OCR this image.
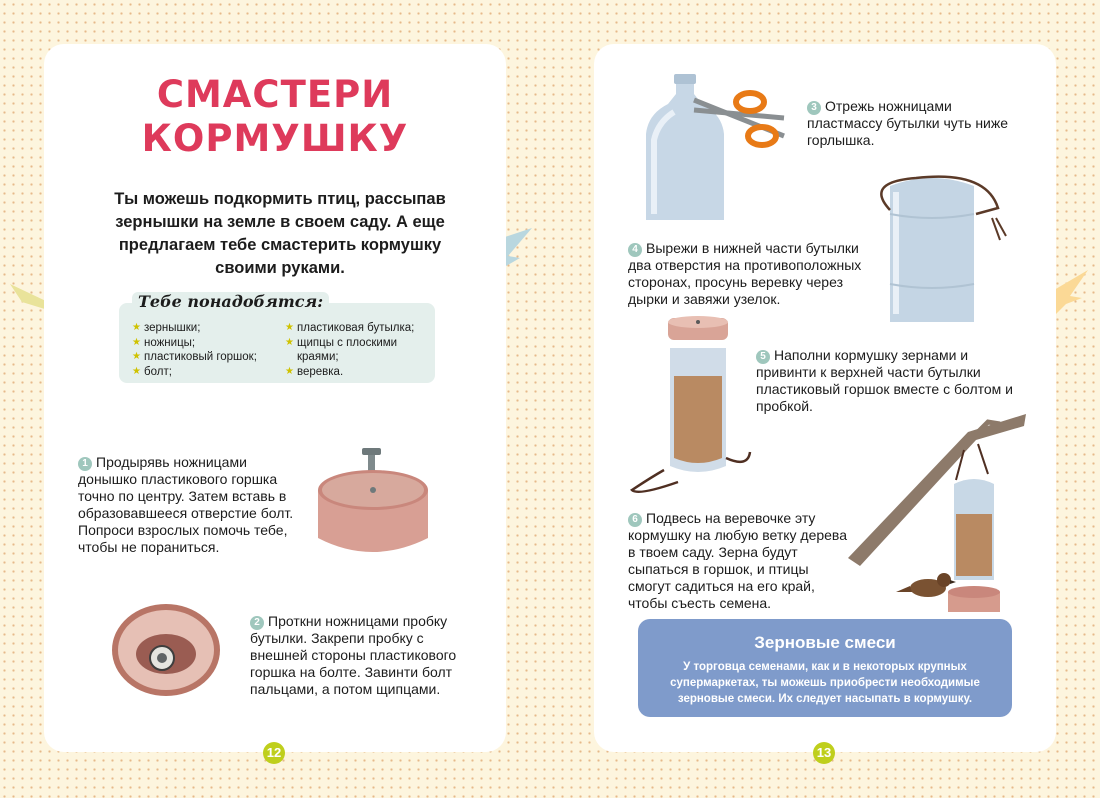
СМАСТЕРИ
КОРМУШКУ
Ты можешь подкормить птиц, рассыпав зернышки на земле в своем саду. А еще предлагаем тебе смастерить кормушку своими руками.
★ зернышки;
★ ножницы;
★ пластиковый горшок;
★ болт;
★ пластиковая бутылка;
★ щипцы с плоскими краями;
★ веревка.
Тебе понадобятся:
1 Продырявь ножницами донышко пластикового горшка точно по центру. Затем вставь в образовавшееся отверстие болт. Попроси взрослых помочь тебе, чтобы не пораниться.
2 Проткни ножницами пробку бутылки. Закрепи пробку с внешней стороны пластикового горшка на болте. Завинти болт пальцами, а потом щипцами.
12
3 Отрежь ножницами пластмассу бутылки чуть ниже горлышка.
4 Вырежи в нижней части бутылки два отверстия на противоположных сторонах, просунь веревку через дырки и завяжи узелок.
5 Наполни кормушку зернами и привинти к верхней части бутылки пластиковый горшок вместе с болтом и пробкой.
6 Подвесь на веревочке эту кормушку на любую ветку дерева в твоем саду. Зерна будут сыпаться в горшок, и птицы смогут садиться на его край, чтобы съесть семена.
Зерновые смеси
У торговца семенами, как и в некоторых крупных супермаркетах, ты можешь приобрести необходимые зерновые смеси. Их следует насыпать в кормушку.
13
